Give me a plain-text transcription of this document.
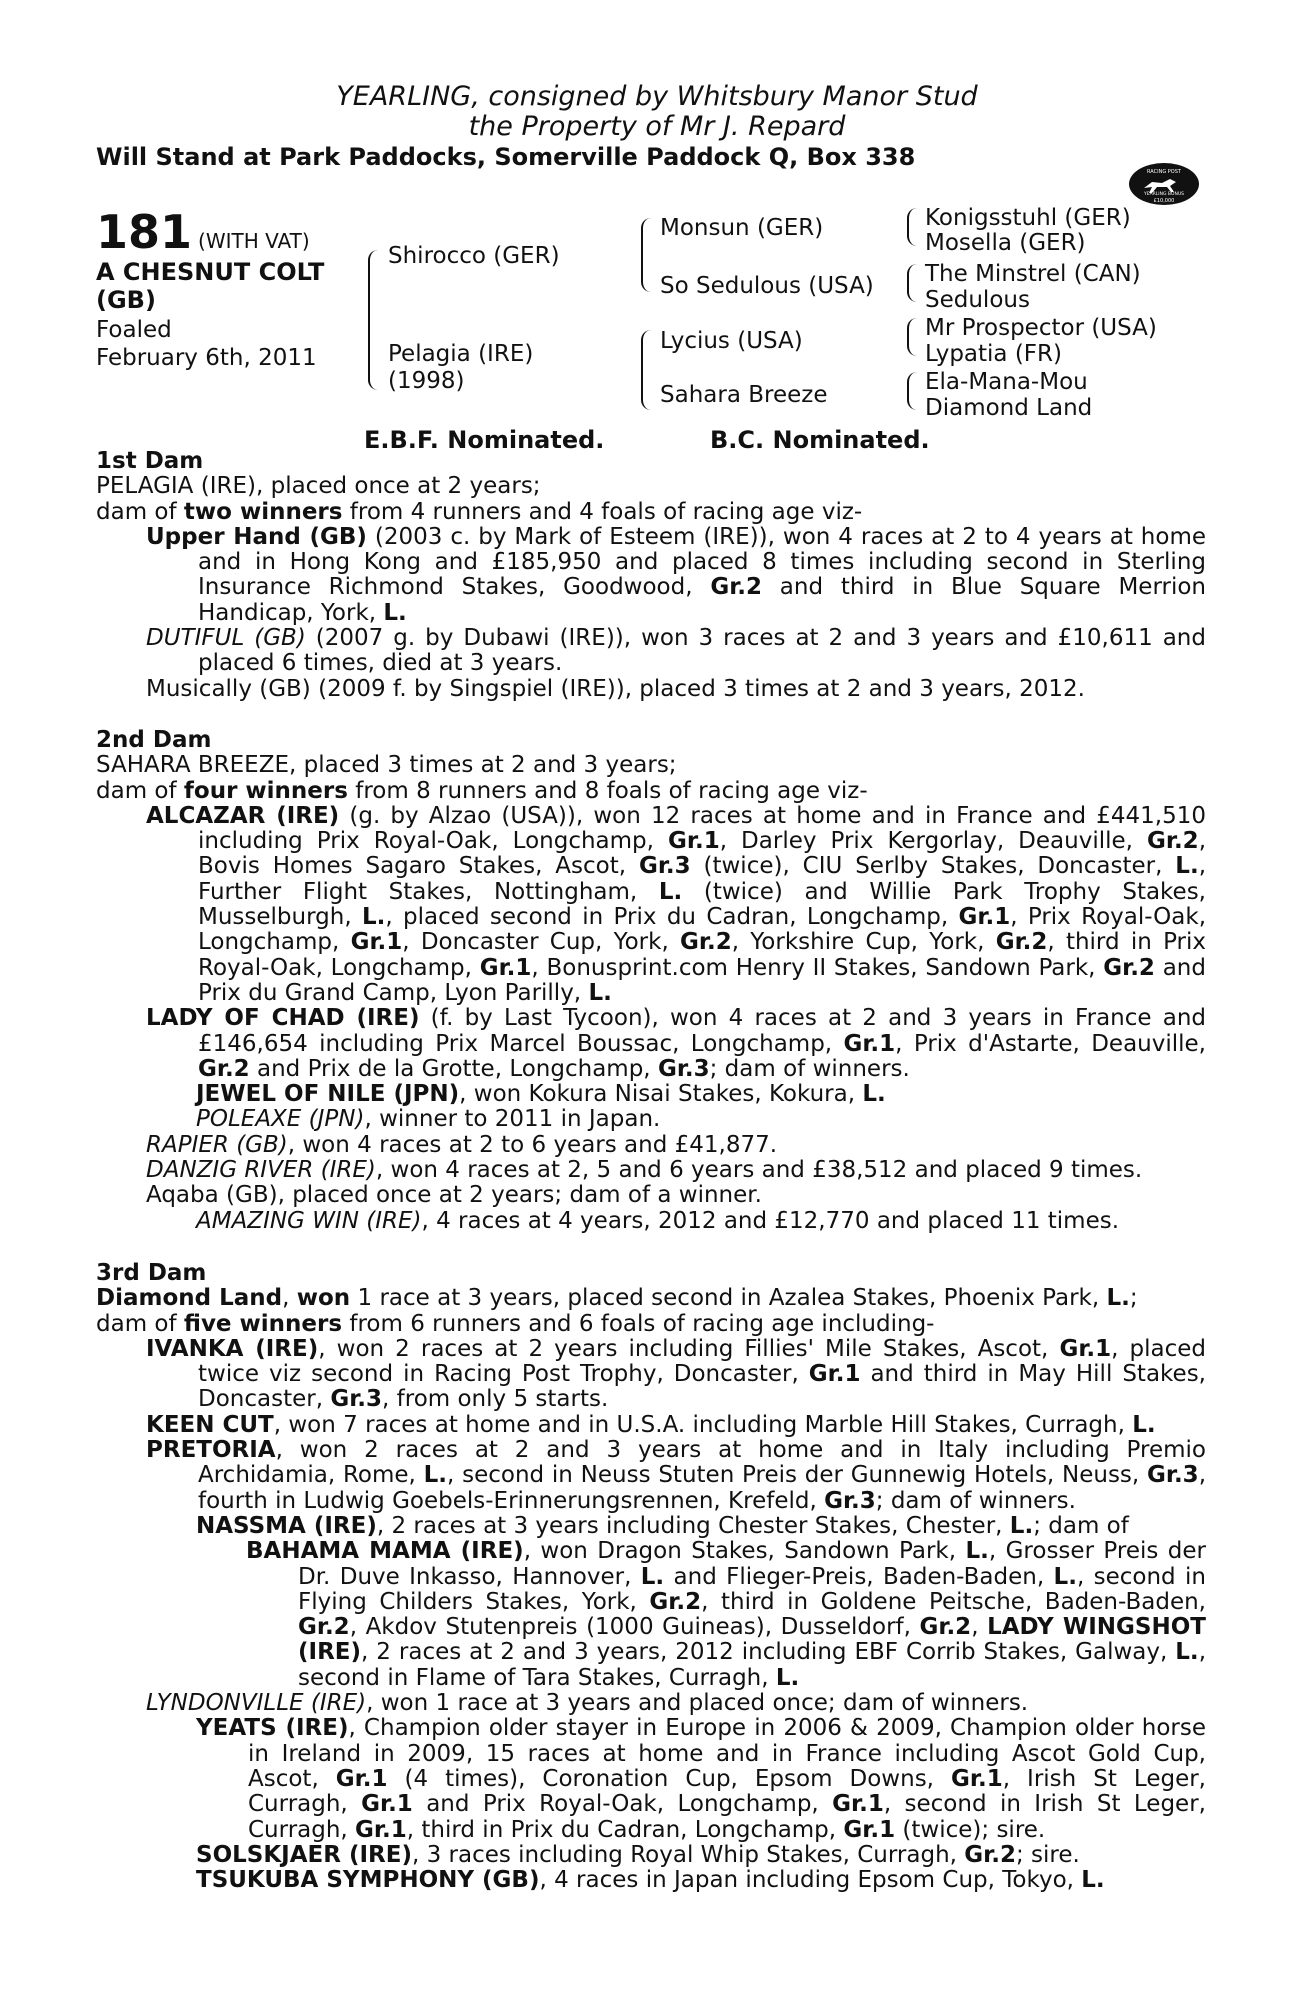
YEARLING, consigned by Whitsbury Manor Stud
the Property of Mr J. Repard
Will Stand at Park Paddocks, Somerville Paddock Q, Box 338
RACING POST
YEARLING BONUS
£10,000
181 (WITH VAT)
A CHESNUT COLT (GB)
Foaled
February 6th, 2011
Shirocco (GER)
Pelagia (IRE)
(1998)
Monsun (GER)
So Sedulous (USA)
Lycius (USA)
Sahara Breeze
Konigsstuhl (GER)
Mosella (GER)
The Minstrel (CAN)
Sedulous
Mr Prospector (USA)
Lypatia (FR)
Ela-Mana-Mou
Diamond Land
E.B.F. Nominated.	B.C. Nominated.
1st Dam

PELAGIA (IRE), placed once at 2 years;

dam of two winners from 4 runners and 4 foals of racing age viz-

Upper Hand (GB) (2003 c. by Mark of Esteem (IRE)), won 4 races at 2 to 4 years at home and in Hong Kong and £185,950 and placed 8 times including second in Sterling Insurance Richmond Stakes, Goodwood, Gr.2 and third in Blue Square Merrion Handicap, York, L.

DUTIFUL (GB) (2007 g. by Dubawi (IRE)), won 3 races at 2 and 3 years and £10,611 and placed 6 times, died at 3 years.

Musically (GB) (2009 f. by Singspiel (IRE)), placed 3 times at 2 and 3 years, 2012.

2nd Dam

SAHARA BREEZE, placed 3 times at 2 and 3 years;

dam of four winners from 8 runners and 8 foals of racing age viz-

ALCAZAR (IRE) (g. by Alzao (USA)), won 12 races at home and in France and £441,510 including Prix Royal-Oak, Longchamp, Gr.1, Darley Prix Kergorlay, Deauville, Gr.2, Bovis Homes Sagaro Stakes, Ascot, Gr.3 (twice), CIU Serlby Stakes, Doncaster, L., Further Flight Stakes, Nottingham, L. (twice) and Willie Park Trophy Stakes, Musselburgh, L., placed second in Prix du Cadran, Longchamp, Gr.1, Prix Royal-Oak, Longchamp, Gr.1, Doncaster Cup, York, Gr.2, Yorkshire Cup, York, Gr.2, third in Prix Royal-Oak, Longchamp, Gr.1, Bonusprint.com Henry II Stakes, Sandown Park, Gr.2 and Prix du Grand Camp, Lyon Parilly, L.

LADY OF CHAD (IRE) (f. by Last Tycoon), won 4 races at 2 and 3 years in France and £146,654 including Prix Marcel Boussac, Longchamp, Gr.1, Prix d'Astarte, Deauville, Gr.2 and Prix de la Grotte, Longchamp, Gr.3; dam of winners.

JEWEL OF NILE (JPN), won Kokura Nisai Stakes, Kokura, L.

POLEAXE (JPN), winner to 2011 in Japan.

RAPIER (GB), won 4 races at 2 to 6 years and £41,877.

DANZIG RIVER (IRE), won 4 races at 2, 5 and 6 years and £38,512 and placed 9 times.

Aqaba (GB), placed once at 2 years; dam of a winner.

AMAZING WIN (IRE), 4 races at 4 years, 2012 and £12,770 and placed 11 times.

3rd Dam

Diamond Land, won 1 race at 3 years, placed second in Azalea Stakes, Phoenix Park, L.;

dam of five winners from 6 runners and 6 foals of racing age including-

IVANKA (IRE), won 2 races at 2 years including Fillies' Mile Stakes, Ascot, Gr.1, placed twice viz second in Racing Post Trophy, Doncaster, Gr.1 and third in May Hill Stakes, Doncaster, Gr.3, from only 5 starts.

KEEN CUT, won 7 races at home and in U.S.A. including Marble Hill Stakes, Curragh, L.

PRETORIA, won 2 races at 2 and 3 years at home and in Italy including Premio Archidamia, Rome, L., second in Neuss Stuten Preis der Gunnewig Hotels, Neuss, Gr.3, fourth in Ludwig Goebels-Erinnerungsrennen, Krefeld, Gr.3; dam of winners.

NASSMA (IRE), 2 races at 3 years including Chester Stakes, Chester, L.; dam of

BAHAMA MAMA (IRE), won Dragon Stakes, Sandown Park, L., Grosser Preis der Dr. Duve Inkasso, Hannover, L. and Flieger-Preis, Baden-Baden, L., second in Flying Childers Stakes, York, Gr.2, third in Goldene Peitsche, Baden-Baden, Gr.2, Akdov Stutenpreis (1000 Guineas), Dusseldorf, Gr.2, LADY WINGSHOT (IRE), 2 races at 2 and 3 years, 2012 including EBF Corrib Stakes, Galway, L., second in Flame of Tara Stakes, Curragh, L.

LYNDONVILLE (IRE), won 1 race at 3 years and placed once; dam of winners.

YEATS (IRE), Champion older stayer in Europe in 2006 & 2009, Champion older horse in Ireland in 2009, 15 races at home and in France including Ascot Gold Cup, Ascot, Gr.1 (4 times), Coronation Cup, Epsom Downs, Gr.1, Irish St Leger, Curragh, Gr.1 and Prix Royal-Oak, Longchamp, Gr.1, second in Irish St Leger, Curragh, Gr.1, third in Prix du Cadran, Longchamp, Gr.1 (twice); sire.

SOLSKJAER (IRE), 3 races including Royal Whip Stakes, Curragh, Gr.2; sire.

TSUKUBA SYMPHONY (GB), 4 races in Japan including Epsom Cup, Tokyo, L.
